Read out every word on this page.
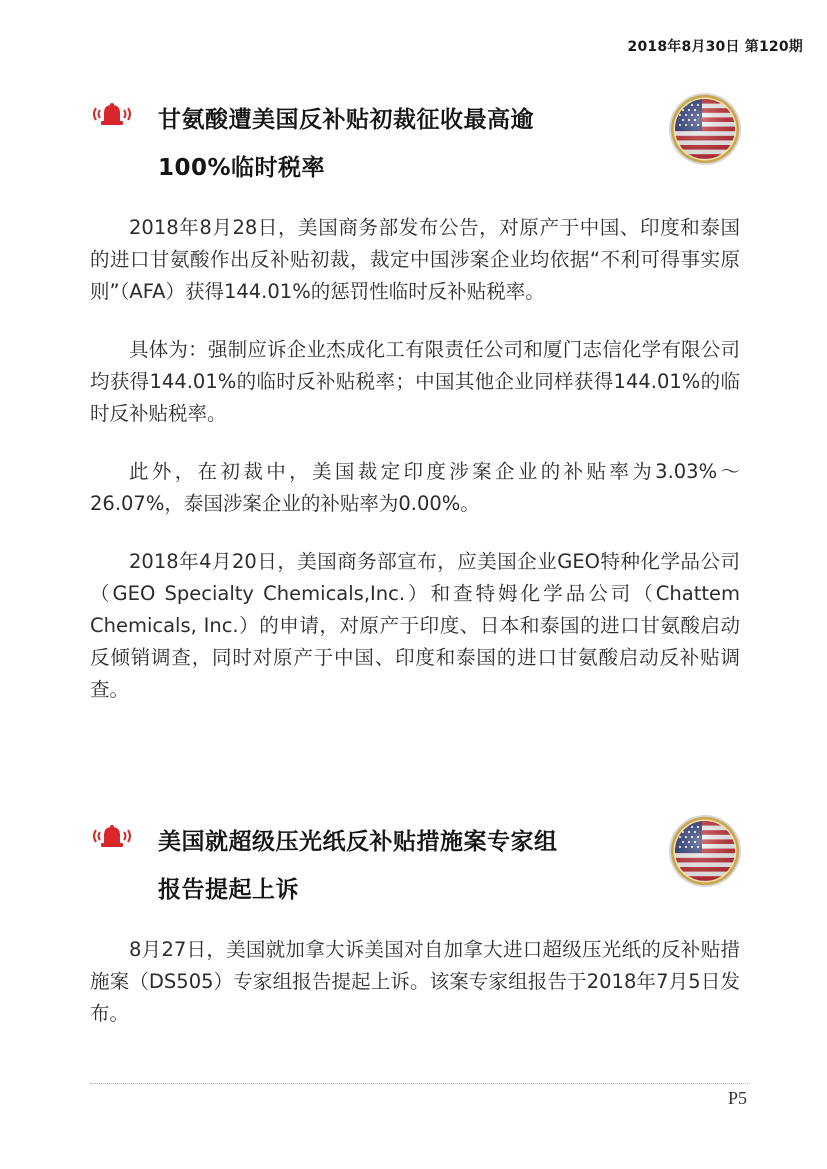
2018年8月30日 第120期
甘氨酸遭美国反补贴初裁征收最高逾
100%临时税率

2018年8月28日，美国商务部发布公告，对原产于中国、印度和泰国的进口甘氨酸作出反补贴初裁，裁定中国涉案企业均依据“不利可得事实原则”（AFA）获得144.01%的惩罚性临时反补贴税率。

具体为：强制应诉企业杰成化工有限责任公司和厦门志信化学有限公司均获得144.01%的临时反补贴税率；中国其他企业同样获得144.01%的临时反补贴税率。

此外，在初裁中，美国裁定印度涉案企业的补贴率为3.03%～26.07%，泰国涉案企业的补贴率为0.00%。

2018年4月20日，美国商务部宣布，应美国企业GEO特种化学品公司（GEO Specialty Chemicals,Inc.）和查特姆化学品公司（Chattem Chemicals, Inc.）的申请，对原产于印度、日本和泰国的进口甘氨酸启动反倾销调查，同时对原产于中国、印度和泰国的进口甘氨酸启动反补贴调查。

美国就超级压光纸反补贴措施案专家组
报告提起上诉

8月27日，美国就加拿大诉美国对自加拿大进口超级压光纸的反补贴措施案（DS505）专家组报告提起上诉。该案专家组报告于2018年7月5日发布。

P5
